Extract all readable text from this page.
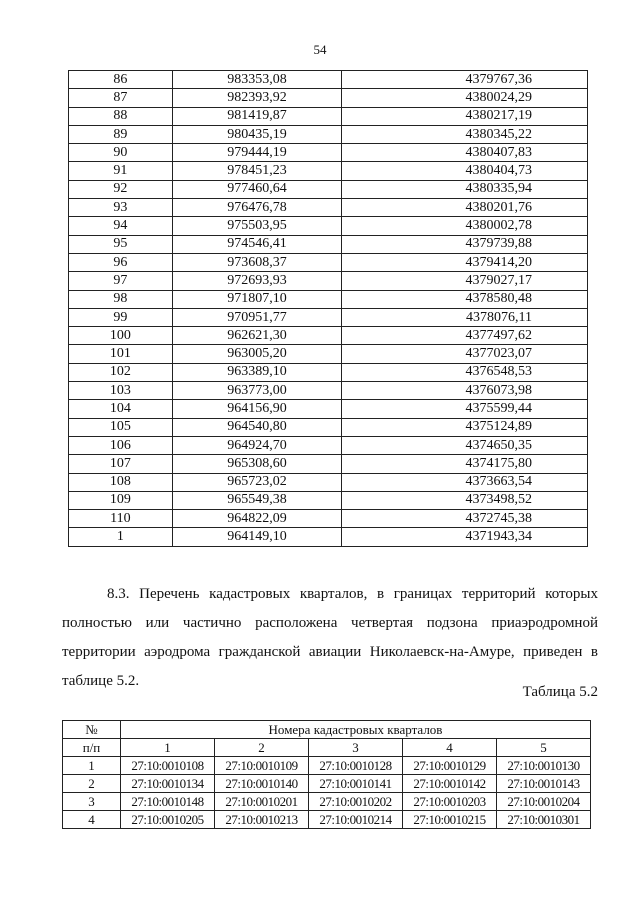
54
86	983353,08	4379767,36
87	982393,92	4380024,29
88	981419,87	4380217,19
89	980435,19	4380345,22
90	979444,19	4380407,83
91	978451,23	4380404,73
92	977460,64	4380335,94
93	976476,78	4380201,76
94	975503,95	4380002,78
95	974546,41	4379739,88
96	973608,37	4379414,20
97	972693,93	4379027,17
98	971807,10	4378580,48
99	970951,77	4378076,11
100	962621,30	4377497,62
101	963005,20	4377023,07
102	963389,10	4376548,53
103	963773,00	4376073,98
104	964156,90	4375599,44
105	964540,80	4375124,89
106	964924,70	4374650,35
107	965308,60	4374175,80
108	965723,02	4373663,54
109	965549,38	4373498,52
110	964822,09	4372745,38
1	964149,10	4371943,34
8.3. Перечень кадастровых кварталов, в границах территорий которых полностью или частично расположена четвертая подзона приаэродромной территории аэродрома гражданской авиации Николаевск-на-Амуре, приведен в таблице 5.2.
Таблица 5.2
№	Номера кадастровых кварталов				
п/п	1	2	3	4	5
1	27:10:0010108	27:10:0010109	27:10:0010128	27:10:0010129	27:10:0010130
2	27:10:0010134	27:10:0010140	27:10:0010141	27:10:0010142	27:10:0010143
3	27:10:0010148	27:10:0010201	27:10:0010202	27:10:0010203	27:10:0010204
4	27:10:0010205	27:10:0010213	27:10:0010214	27:10:0010215	27:10:0010301
